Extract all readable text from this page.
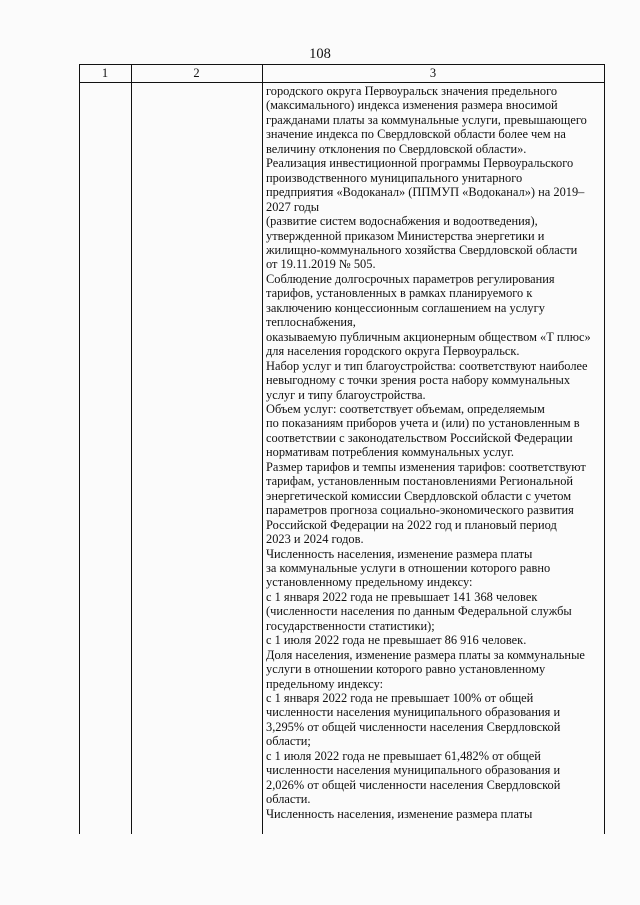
108
1	2	3
городского округа Первоуральск значения предельного
(максимального) индекса изменения размера вносимой
гражданами платы за коммунальные услуги, превышающего
значение индекса по Свердловской области более чем на
величину отклонения по Свердловской области».
Реализация инвестиционной программы Первоуральского
производственного муниципального унитарного
предприятия «Водоканал» (ППМУП «Водоканал») на 2019–
2027 годы
(развитие систем водоснабжения и водоотведения),
утвержденной приказом Министерства энергетики и
жилищно-коммунального хозяйства Свердловской области
от 19.11.2019 № 505.
Соблюдение долгосрочных параметров регулирования
тарифов, установленных в рамках планируемого к
заключению концессионным соглашением на услугу
теплоснабжения,
оказываемую публичным акционерным обществом «Т плюс»
для населения городского округа Первоуральск.
Набор услуг и тип благоустройства: соответствуют наиболее
невыгодному с точки зрения роста набору коммунальных
услуг и типу благоустройства.
Объем услуг: соответствует объемам, определяемым
по показаниям приборов учета и (или) по установленным в
соответствии с законодательством Российской Федерации
нормативам потребления коммунальных услуг.
Размер тарифов и темпы изменения тарифов: соответствуют
тарифам, установленным постановлениями Региональной
энергетической комиссии Свердловской области с учетом
параметров прогноза социально-экономического развития
Российской Федерации на 2022 год и плановый период
2023 и 2024 годов.
Численность населения, изменение размера платы
за коммунальные услуги в отношении которого равно
установленному предельному индексу:
с 1 января 2022 года не превышает 141 368 человек
(численности населения по данным Федеральной службы
государственности статистики);
с 1 июля 2022 года не превышает 86 916 человек.
Доля населения, изменение размера платы за коммунальные
услуги в отношении которого равно установленному
предельному индексу:
с 1 января 2022 года не превышает 100% от общей
численности населения муниципального образования и
3,295% от общей численности населения Свердловской
области;
с 1 июля 2022 года не превышает 61,482% от общей
численности населения муниципального образования и
2,026% от общей численности населения Свердловской
области.
Численность населения, изменение размера платы
